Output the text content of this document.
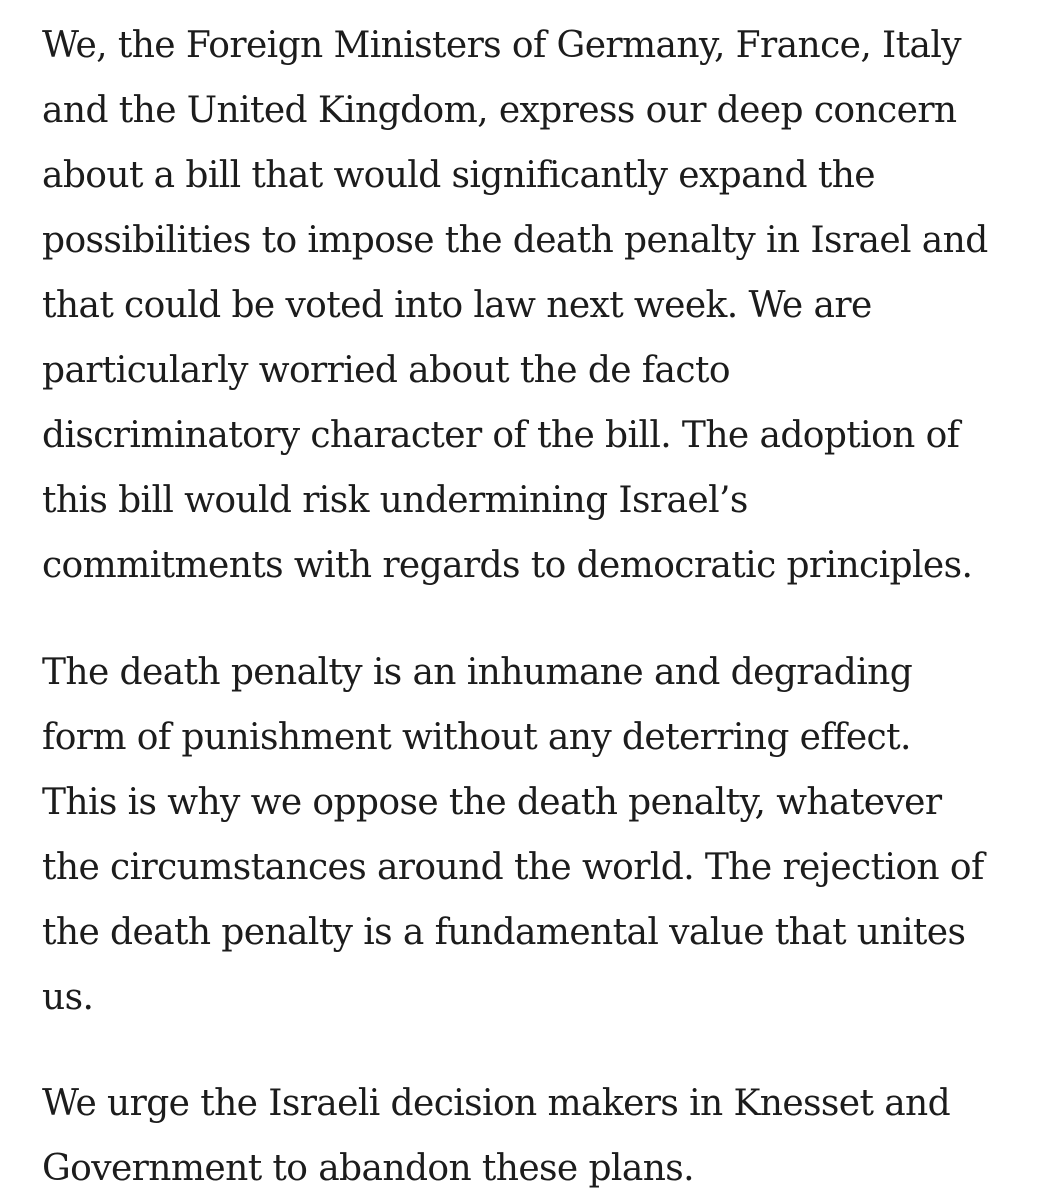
We, the Foreign Ministers of Germany, France, Italy
and the United Kingdom, express our deep concern
about a bill that would significantly expand the
possibilities to impose the death penalty in Israel and
that could be voted into law next week. We are
particularly worried about the de facto
discriminatory character of the bill. The adoption of
this bill would risk undermining Israel’s
commitments with regards to democratic principles.

The death penalty is an inhumane and degrading
form of punishment without any deterring effect.
This is why we oppose the death penalty, whatever
the circumstances around the world. The rejection of
the death penalty is a fundamental value that unites
us.

We urge the Israeli decision makers in Knesset and
Government to abandon these plans.
